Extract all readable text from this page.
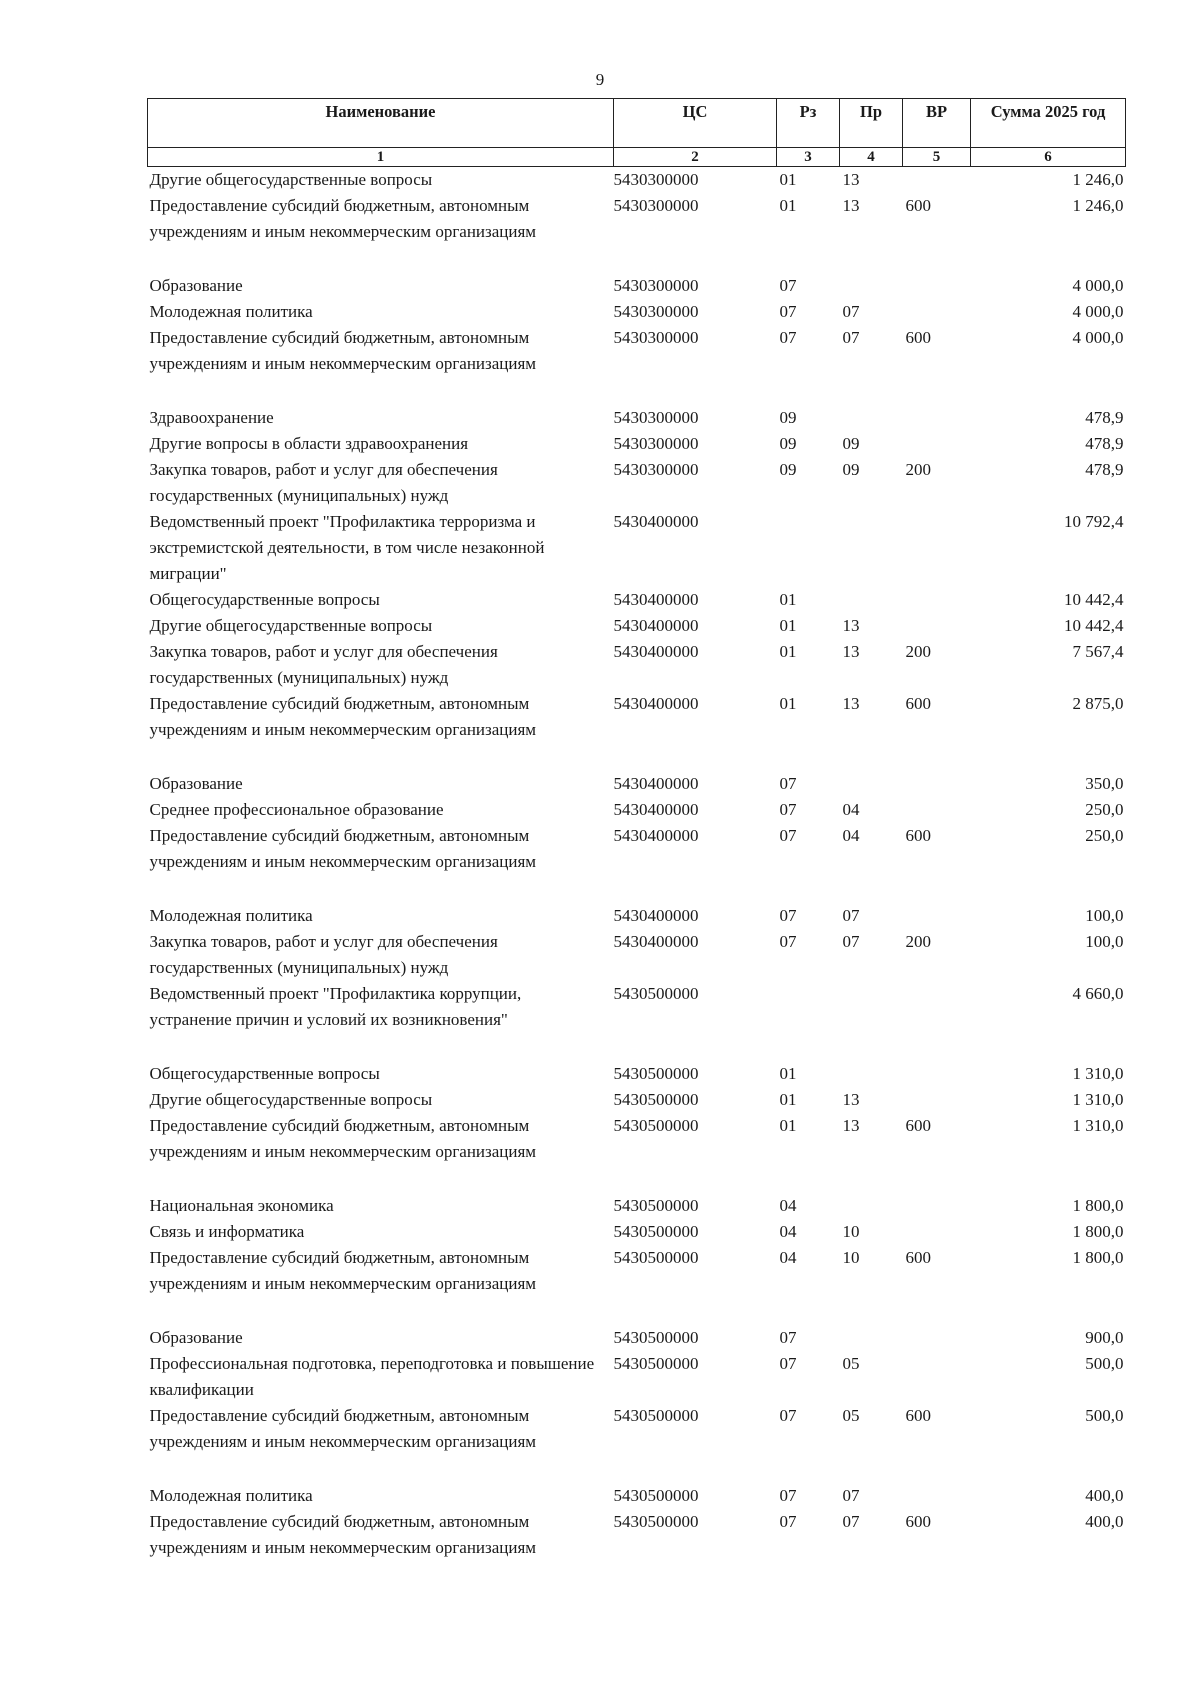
9
Наименование	ЦС	Рз	Пр	ВР	Сумма 2025 год
1	2	3	4	5	6
Другие общегосударственные вопросы	5430300000	01	13		1 246,0
Предоставление субсидий бюджетным, автономным учреждениям и иным некоммерческим организациям	5430300000	01	13	600	1 246,0

Образование	5430300000	07			4 000,0
Молодежная политика	5430300000	07	07		4 000,0
Предоставление субсидий бюджетным, автономным учреждениям и иным некоммерческим организациям	5430300000	07	07	600	4 000,0

Здравоохранение	5430300000	09			478,9
Другие вопросы в области здравоохранения	5430300000	09	09		478,9
Закупка товаров, работ и услуг для обеспечения государственных (муниципальных) нужд	5430300000	09	09	200	478,9
Ведомственный проект "Профилактика терроризма и экстремистской деятельности, в том числе незаконной миграции"	5430400000				10 792,4
Общегосударственные вопросы	5430400000	01			10 442,4
Другие общегосударственные вопросы	5430400000	01	13		10 442,4
Закупка товаров, работ и услуг для обеспечения государственных (муниципальных) нужд	5430400000	01	13	200	7 567,4
Предоставление субсидий бюджетным, автономным учреждениям и иным некоммерческим организациям	5430400000	01	13	600	2 875,0

Образование	5430400000	07			350,0
Среднее профессиональное образование	5430400000	07	04		250,0
Предоставление субсидий бюджетным, автономным учреждениям и иным некоммерческим организациям	5430400000	07	04	600	250,0

Молодежная политика	5430400000	07	07		100,0
Закупка товаров, работ и услуг для обеспечения государственных (муниципальных) нужд	5430400000	07	07	200	100,0
Ведомственный проект "Профилактика коррупции, устранение причин и условий их возникновения"	5430500000				4 660,0

Общегосударственные вопросы	5430500000	01			1 310,0
Другие общегосударственные вопросы	5430500000	01	13		1 310,0
Предоставление субсидий бюджетным, автономным учреждениям и иным некоммерческим организациям	5430500000	01	13	600	1 310,0

Национальная экономика	5430500000	04			1 800,0
Связь и информатика	5430500000	04	10		1 800,0
Предоставление субсидий бюджетным, автономным учреждениям и иным некоммерческим организациям	5430500000	04	10	600	1 800,0

Образование	5430500000	07			900,0
Профессиональная подготовка, переподготовка и повышение квалификации	5430500000	07	05		500,0
Предоставление субсидий бюджетным, автономным учреждениям и иным некоммерческим организациям	5430500000	07	05	600	500,0

Молодежная политика	5430500000	07	07		400,0
Предоставление субсидий бюджетным, автономным учреждениям и иным некоммерческим организациям	5430500000	07	07	600	400,0
